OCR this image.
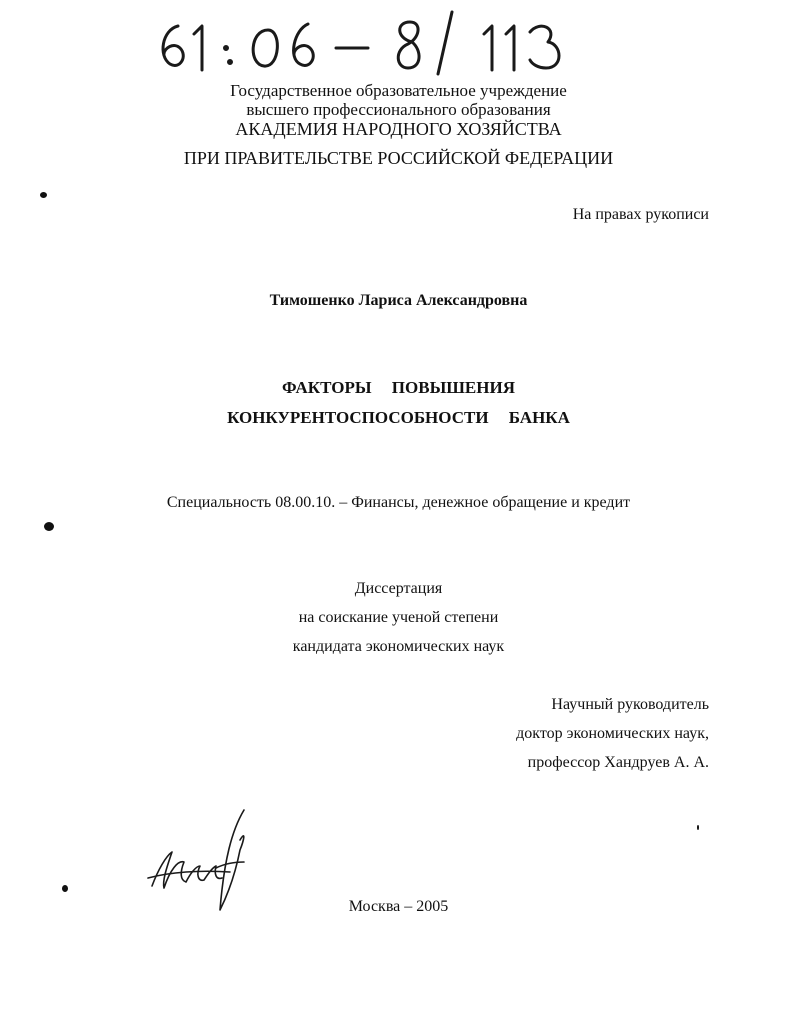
Государственное образовательное учреждение
высшего профессионального образования
АКАДЕМИЯ НАРОДНОГО ХОЗЯЙСТВА
ПРИ ПРАВИТЕЛЬСТВЕ РОССИЙСКОЙ ФЕДЕРАЦИИ
На правах рукописи
Тимошенко Лариса Александровна
ФАКТОРЫ ПОВЫШЕНИЯ
КОНКУРЕНТОСПОСОБНОСТИ БАНКА
Специальность 08.00.10. – Финансы, денежное обращение и кредит
Диссертация
на соискание ученой степени
кандидата экономических наук
Научный руководитель
доктор экономических наук,
профессор Хандруев А. А.
Москва – 2005
